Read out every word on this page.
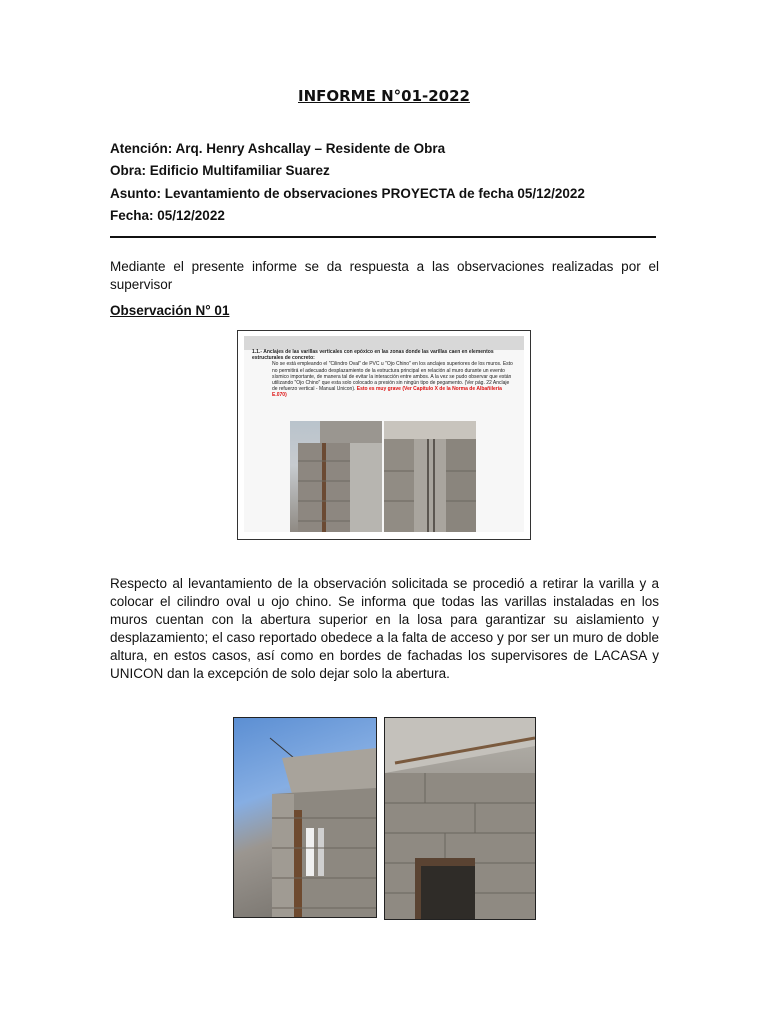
INFORME N°01-2022
Atención: Arq. Henry Ashcallay – Residente de Obra
Obra: Edificio Multifamiliar Suarez
Asunto: Levantamiento de observaciones PROYECTA de fecha 05/12/2022
Fecha: 05/12/2022
Mediante el presente informe se da respuesta a las observaciones realizadas por el supervisor
Observación N° 01
1.1.- Anclajes de las varillas verticales con epóxico en las zonas donde las varillas caen en elementos estructurales de concreto:
No se está empleando el "Cilindro Oval" de PVC u "Ojo Chino" en los anclajes superiores de los muros. Esto no permitirá el adecuado desplazamiento de la estructura principal en relación al muro durante un evento sísmico importante, de manera tal de evitar la interacción entre ambos. A la vez se pudo observar que están utilizando "Ojo Chino" que esta solo colocado a presión sin ningún tipo de pegamento. (Ver pág. 22 Anclaje de refuerzo vertical - Manual Unicon). Esto es muy grave (Ver Capitulo X de la Norma de Albañilería E.070)
Respecto al levantamiento de la observación solicitada se procedió a retirar la varilla y a colocar el cilindro oval u ojo chino. Se informa que todas las varillas instaladas en los muros cuentan con la abertura superior en la losa para garantizar su aislamiento y desplazamiento; el caso reportado obedece a la falta de acceso y por ser un muro de doble altura, en estos casos, así como en bordes de fachadas los supervisores de LACASA y UNICON dan la excepción de solo dejar solo la abertura.
